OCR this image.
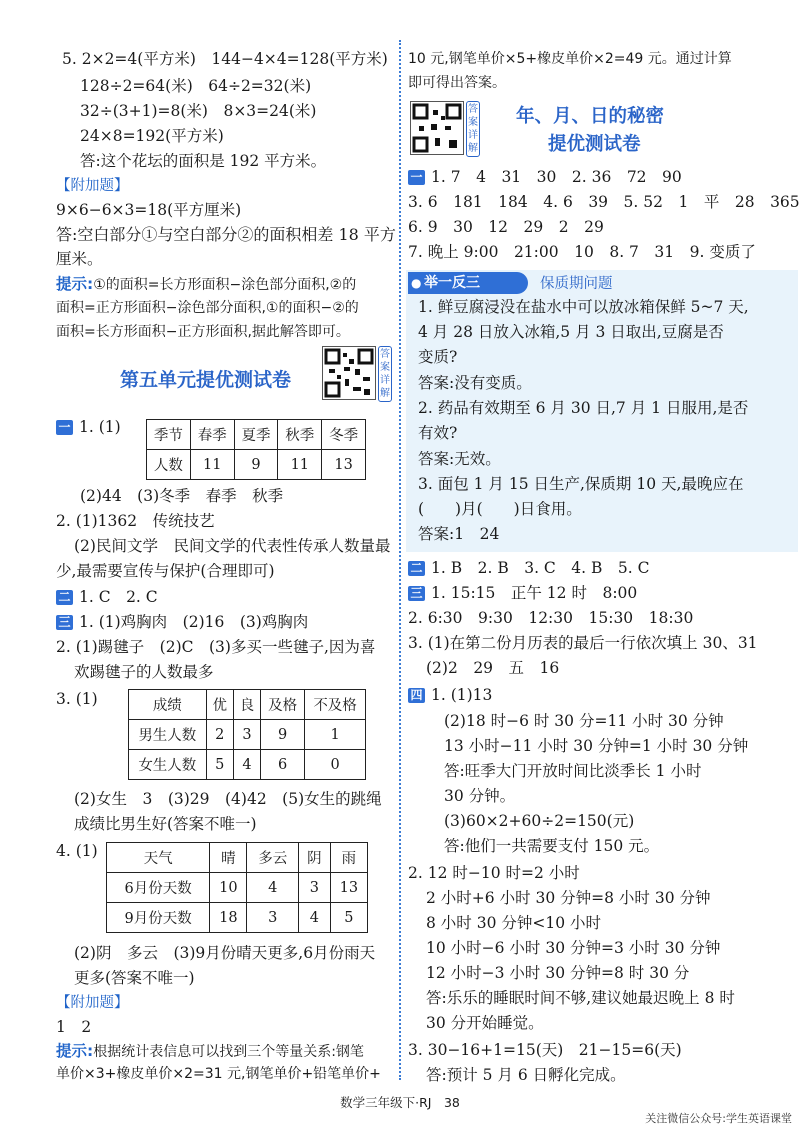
5. 2×2=4(平方米)　144−4×4=128(平方米)
128÷2=64(米)　64÷2=32(米)
32÷(3+1)=8(米)　8×3=24(米)
24×8=192(平方米)
答:这个花坛的面积是 192 平方米。
【附加题】
9×6−6×3=18(平方厘米)
答:空白部分①与空白部分②的面积相差 18 平方
厘米。
提示:①的面积=长方形面积−涂色部分面积,②的
面积=正方形面积−涂色部分面积,①的面积−②的
面积=长方形面积−正方形面积,据此解答即可。
第五单元提优测试卷
答案详解
一 1. (1) 季节	春季	夏季	秋季	冬季
人数	11	9	11	13
(2)44　(3)冬季　春季　秋季
2. (1)1362　传统技艺
(2)民间文学　民间文学的代表性传承人数量最
少,最需要宣传与保护(合理即可)
二 1. C　2. C
三 1. (1)鸡胸肉　(2)16　(3)鸡胸肉
2. (1)踢毽子　(2)C　(3)多买一些毽子,因为喜
欢踢毽子的人数最多
3. (1)	成绩	优	良	及格	不及格
男生人数	2	3	9	1
女生人数	5	4	6	0
(2)女生　3　(3)29　(4)42　(5)女生的跳绳
成绩比男生好(答案不唯一)
4. (1)	天气	晴	多云	阴	雨
6月份天数	10	4	3	13
9月份天数	18	3	4	5
(2)阴　多云　(3)9月份晴天更多,6月份雨天
更多(答案不唯一)
【附加题】
1　2
提示:根据统计表信息可以找到三个等量关系:钢笔
单价×3+橡皮单价×2=31 元,钢笔单价+铅笔单价+
10 元,钢笔单价×5+橡皮单价×2=49 元。通过计算
即可得出答案。
答案详解
年、月、日的秘密
提优测试卷
一 1. 7　4　31　30　2. 36　72　90
3. 6　181　184　4. 6　39　5. 52　1　平　28　365
6. 9　30　12　29　2　29
7. 晚上 9:00　21:00　10　8. 7　31　9. 变质了
● 举一反三	保质期问题
1. 鲜豆腐浸没在盐水中可以放冰箱保鲜 5~7 天,
4 月 28 日放入冰箱,5 月 3 日取出,豆腐是否
变质?
答案:没有变质。
2. 药品有效期至 6 月 30 日,7 月 1 日服用,是否
有效?
答案:无效。
3. 面包 1 月 15 日生产,保质期 10 天,最晚应在
(　　)月(　　)日食用。
答案:1　24
二 1. B　2. B　3. C　4. B　5. C
三 1. 15:15　正午 12 时　8:00
2. 6:30　9:30　12:30　15:30　18:30
3. (1)在第二份月历表的最后一行依次填上 30、31
(2)2　29　五　16
四 1. (1)13
(2)18 时−6 时 30 分=11 小时 30 分钟
13 小时−11 小时 30 分钟=1 小时 30 分钟
答:旺季大门开放时间比淡季长 1 小时
30 分钟。
(3)60×2+60÷2=150(元)
答:他们一共需要支付 150 元。
2. 12 时−10 时=2 小时
2 小时+6 小时 30 分钟=8 小时 30 分钟
8 小时 30 分钟<10 小时
10 小时−6 小时 30 分钟=3 小时 30 分钟
12 小时−3 小时 30 分钟=8 时 30 分
答:乐乐的睡眠时间不够,建议她最迟晚上 8 时
30 分开始睡觉。
3. 30−16+1=15(天)　21−15=6(天)
答:预计 5 月 6 日孵化完成。
数学三年级下·RJ　38
关注微信公众号:学生英语课堂
